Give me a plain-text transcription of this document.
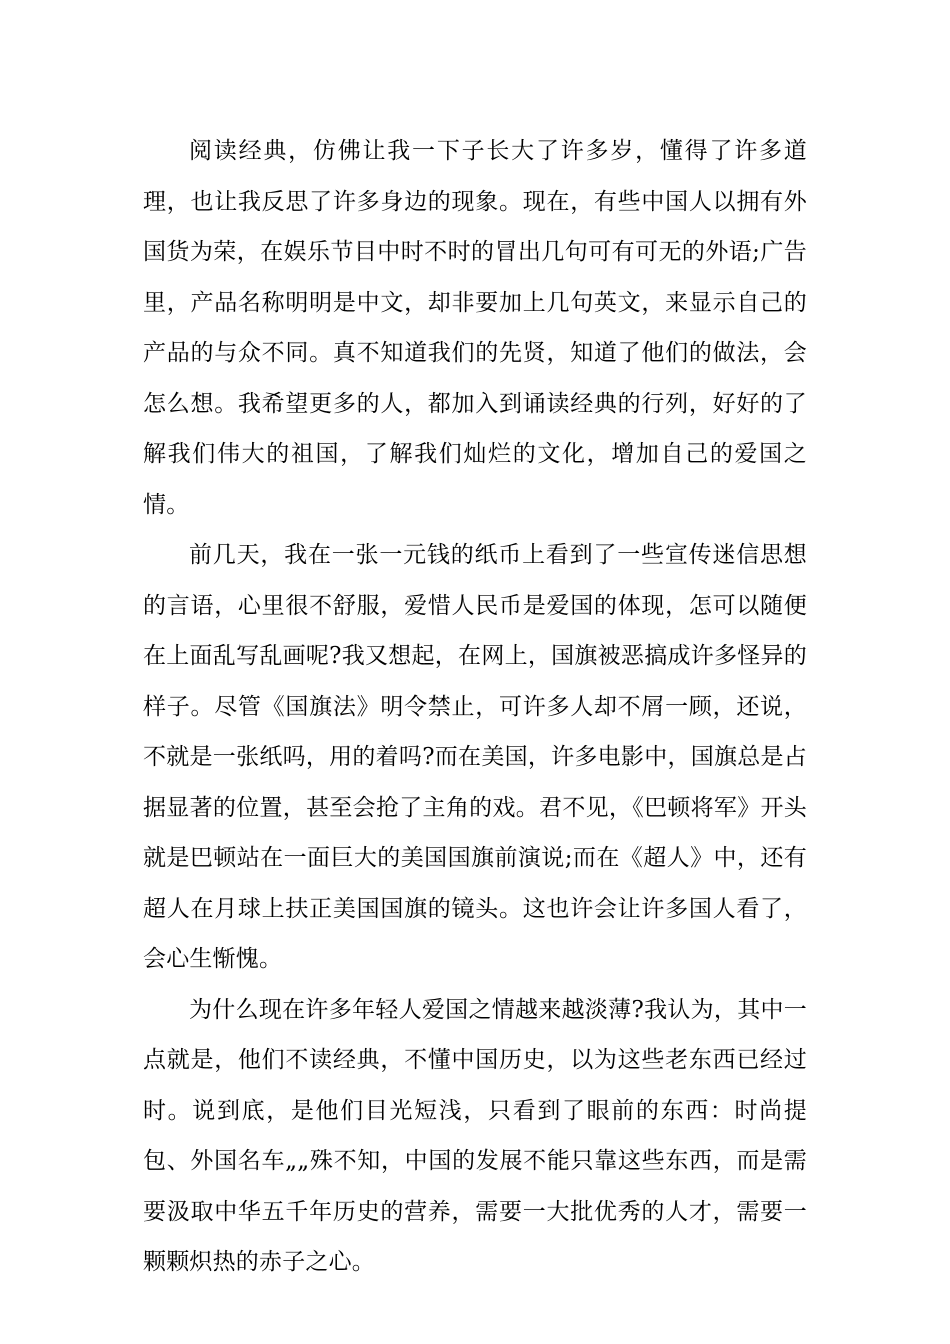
阅读经典，仿佛让我一下子长大了许多岁，懂得了许多道理，也让我反思了许多身边的现象。现在，有些中国人以拥有外国货为荣，在娱乐节目中时不时的冒出几句可有可无的外语;广告里，产品名称明明是中文，却非要加上几句英文，来显示自己的产品的与众不同。真不知道我们的先贤，知道了他们的做法，会怎么想。我希望更多的人，都加入到诵读经典的行列，好好的了解我们伟大的祖国，了解我们灿烂的文化，增加自己的爱国之情。

前几天，我在一张一元钱的纸币上看到了一些宣传迷信思想的言语，心里很不舒服，爱惜人民币是爱国的体现，怎可以随便在上面乱写乱画呢?我又想起，在网上，国旗被恶搞成许多怪异的样子。尽管《国旗法》明令禁止，可许多人却不屑一顾，还说，不就是一张纸吗，用的着吗?而在美国，许多电影中，国旗总是占据显著的位置，甚至会抢了主角的戏。君不见，《巴顿将军》开头就是巴顿站在一面巨大的美国国旗前演说;而在《超人》中，还有超人在月球上扶正美国国旗的镜头。这也许会让许多国人看了，会心生惭愧。

为什么现在许多年轻人爱国之情越来越淡薄?我认为，其中一点就是，他们不读经典，不懂中国历史，以为这些老东西已经过时。说到底，是他们目光短浅，只看到了眼前的东西：时尚提包、外国名车„„殊不知，中国的发展不能只靠这些东西，而是需要汲取中华五千年历史的营养，需要一大批优秀的人才，需要一颗颗炽热的赤子之心。
